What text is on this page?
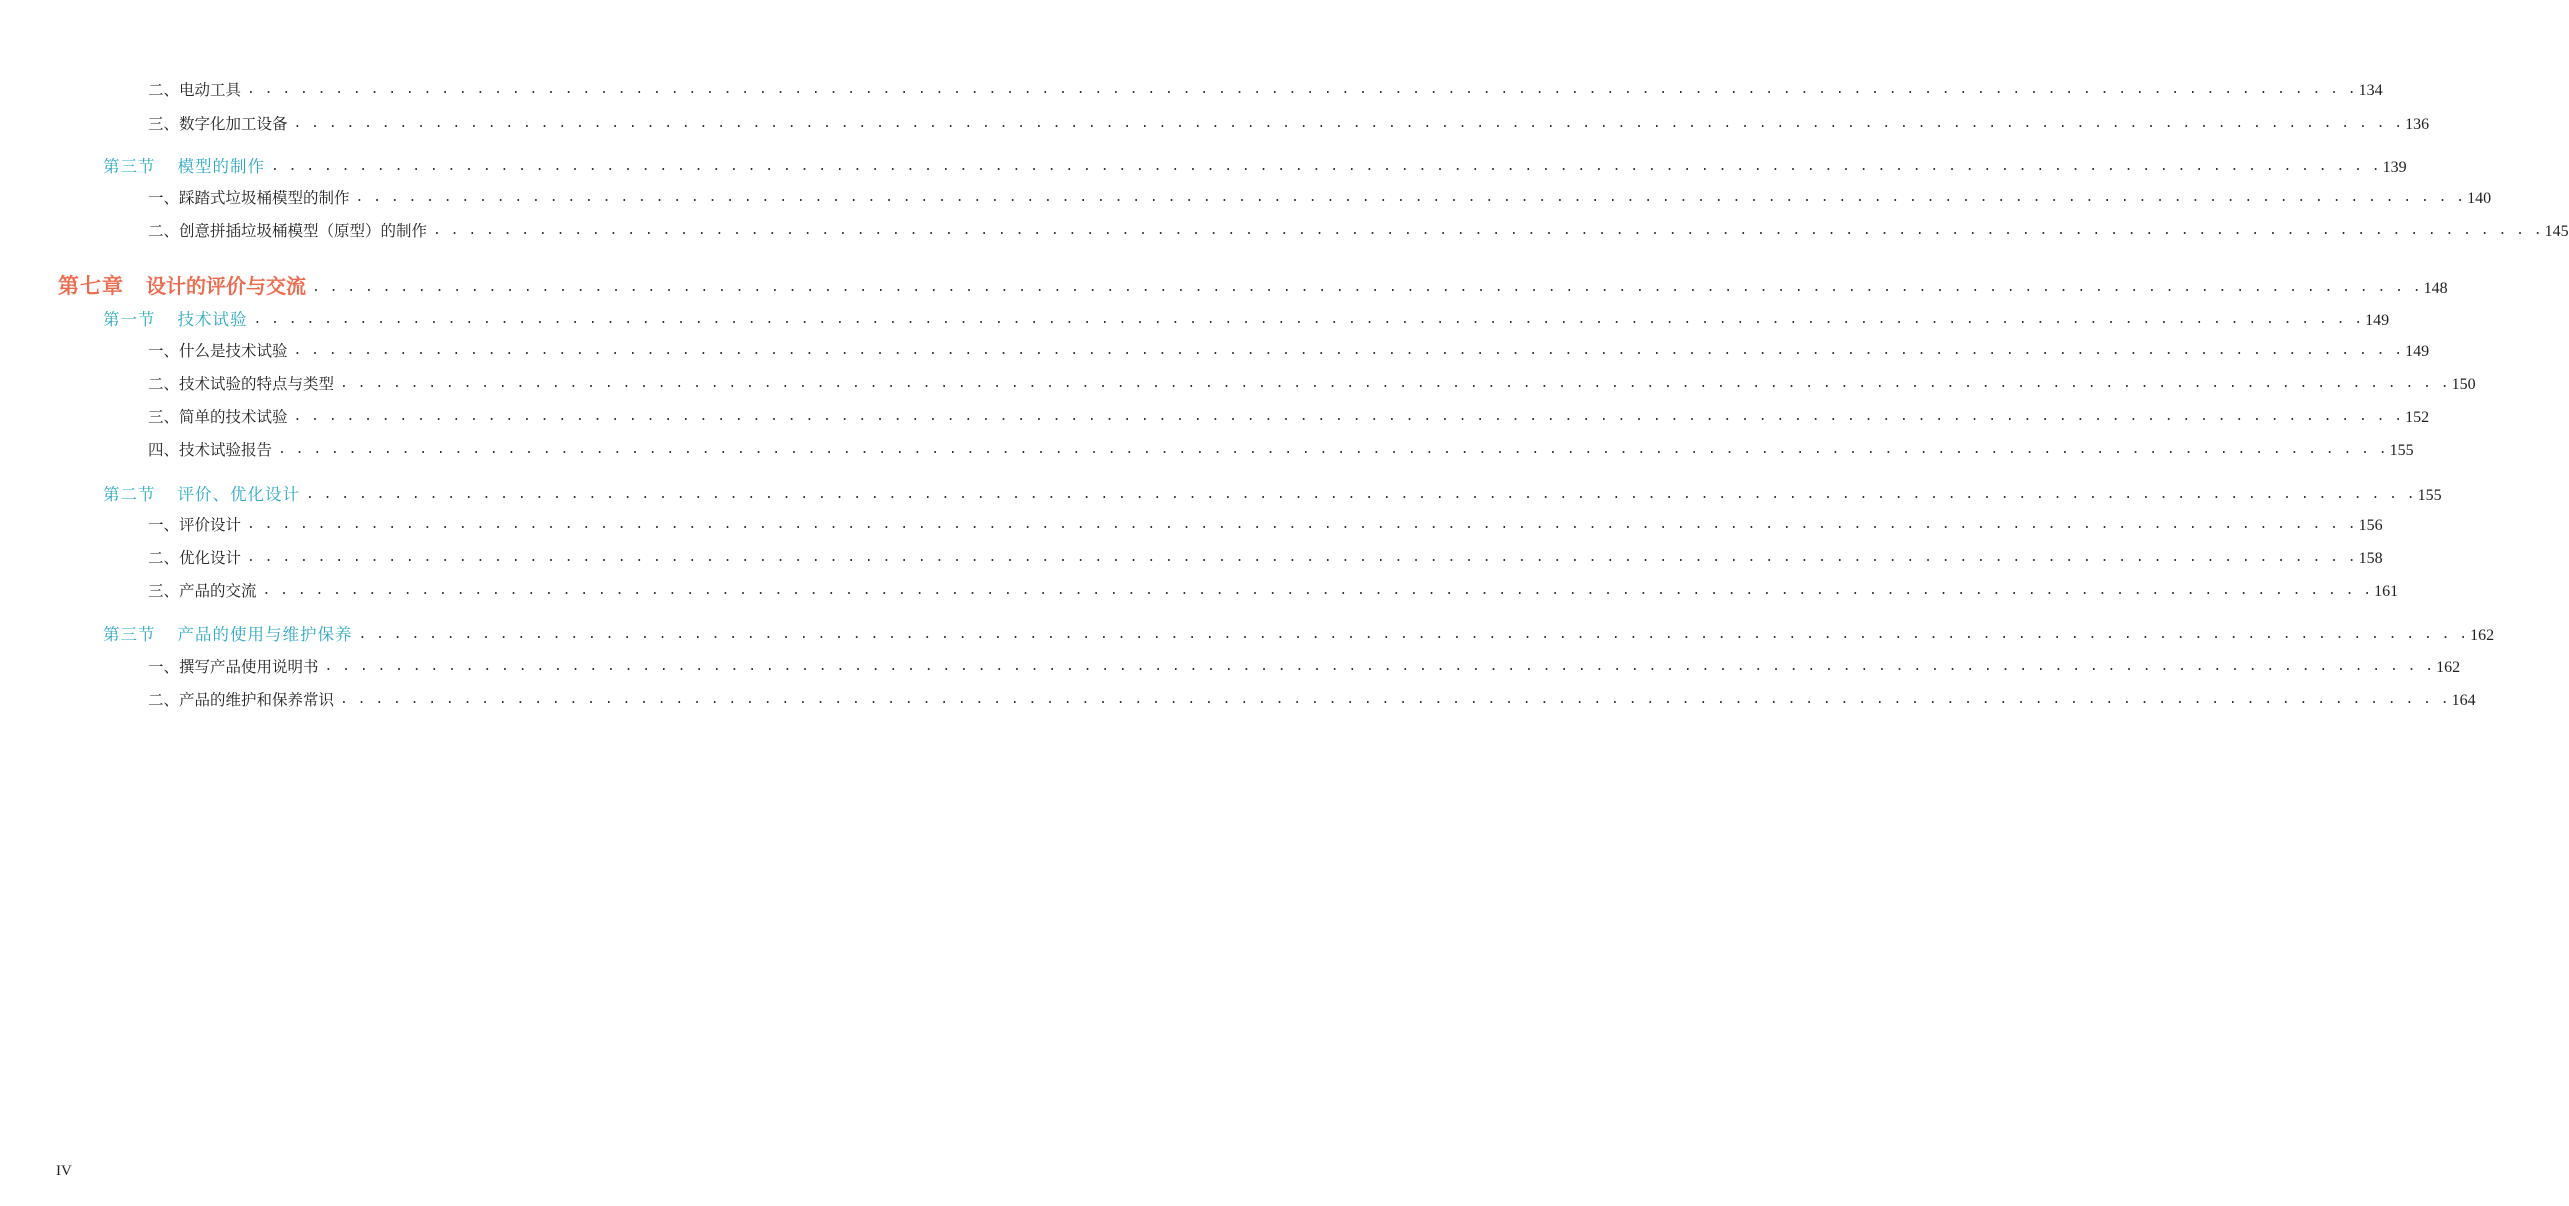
二、电动工具 . . . . . . . . . . . . . . . . . . . . . . . . . . . . . . . . . . . . . . . . . . . . . . . . . . . . . . . . . . . . . . . . . . . . . . . . . . . . . . . . . . . . . . . . . . . . . . . . . . . . . . . . . . . . . . . . . . . . . . . . 134
三、数字化加工设备 . . . . . . . . . . . . . . . . . . . . . . . . . . . . . . . . . . . . . . . . . . . . . . . . . . . . . . . . . . . . . . . . . . . . . . . . . . . . . . . . . . . . . . . . . . . . . . . . . . . . . . . . . . . . . . . . . . . . . . . . 136
第三节 模型的制作 . . . . . . . . . . . . . . . . . . . . . . . . . . . . . . . . . . . . . . . . . . . . . . . . . . . . . . . . . . . . . . . . . . . . . . . . . . . . . . . . . . . . . . . . . . . . . . . . . . . . . . . . . . . . . . . . . . . . . . . . 139
一、踩踏式垃圾桶模型的制作 . . . . . . . . . . . . . . . . . . . . . . . . . . . . . . . . . . . . . . . . . . . . . . . . . . . . . . . . . . . . . . . . . . . . . . . . . . . . . . . . . . . . . . . . . . . . . . . . . . . . . . . . . . . . . . . . . . . . . . . . 140
二、创意拼插垃圾桶模型（原型）的制作 . . . . . . . . . . . . . . . . . . . . . . . . . . . . . . . . . . . . . . . . . . . . . . . . . . . . . . . . . . . . . . . . . . . . . . . . . . . . . . . . . . . . . . . . . . . . . . . . . . . . . . . . . . . . . . . . . . . . . . . . 145
第七章 设计的评价与交流 . . . . . . . . . . . . . . . . . . . . . . . . . . . . . . . . . . . . . . . . . . . . . . . . . . . . . . . . . . . . . . . . . . . . . . . . . . . . . . . . . . . . . . . . . . . . . . . . . . . . . . . . . . . . . . . . . . . . . . . . 148
第一节 技术试验 . . . . . . . . . . . . . . . . . . . . . . . . . . . . . . . . . . . . . . . . . . . . . . . . . . . . . . . . . . . . . . . . . . . . . . . . . . . . . . . . . . . . . . . . . . . . . . . . . . . . . . . . . . . . . . . . . . . . . . . . 149
一、什么是技术试验 . . . . . . . . . . . . . . . . . . . . . . . . . . . . . . . . . . . . . . . . . . . . . . . . . . . . . . . . . . . . . . . . . . . . . . . . . . . . . . . . . . . . . . . . . . . . . . . . . . . . . . . . . . . . . . . . . . . . . . . . 149
二、技术试验的特点与类型 . . . . . . . . . . . . . . . . . . . . . . . . . . . . . . . . . . . . . . . . . . . . . . . . . . . . . . . . . . . . . . . . . . . . . . . . . . . . . . . . . . . . . . . . . . . . . . . . . . . . . . . . . . . . . . . . . . . . . . . . 150
三、简单的技术试验 . . . . . . . . . . . . . . . . . . . . . . . . . . . . . . . . . . . . . . . . . . . . . . . . . . . . . . . . . . . . . . . . . . . . . . . . . . . . . . . . . . . . . . . . . . . . . . . . . . . . . . . . . . . . . . . . . . . . . . . . 152
四、技术试验报告 . . . . . . . . . . . . . . . . . . . . . . . . . . . . . . . . . . . . . . . . . . . . . . . . . . . . . . . . . . . . . . . . . . . . . . . . . . . . . . . . . . . . . . . . . . . . . . . . . . . . . . . . . . . . . . . . . . . . . . . . 155
第二节 评价、优化设计 . . . . . . . . . . . . . . . . . . . . . . . . . . . . . . . . . . . . . . . . . . . . . . . . . . . . . . . . . . . . . . . . . . . . . . . . . . . . . . . . . . . . . . . . . . . . . . . . . . . . . . . . . . . . . . . . . . . . . . . . 155
一、评价设计 . . . . . . . . . . . . . . . . . . . . . . . . . . . . . . . . . . . . . . . . . . . . . . . . . . . . . . . . . . . . . . . . . . . . . . . . . . . . . . . . . . . . . . . . . . . . . . . . . . . . . . . . . . . . . . . . . . . . . . . . 156
二、优化设计 . . . . . . . . . . . . . . . . . . . . . . . . . . . . . . . . . . . . . . . . . . . . . . . . . . . . . . . . . . . . . . . . . . . . . . . . . . . . . . . . . . . . . . . . . . . . . . . . . . . . . . . . . . . . . . . . . . . . . . . . 158
三、产品的交流 . . . . . . . . . . . . . . . . . . . . . . . . . . . . . . . . . . . . . . . . . . . . . . . . . . . . . . . . . . . . . . . . . . . . . . . . . . . . . . . . . . . . . . . . . . . . . . . . . . . . . . . . . . . . . . . . . . . . . . . . 161
第三节 产品的使用与维护保养 . . . . . . . . . . . . . . . . . . . . . . . . . . . . . . . . . . . . . . . . . . . . . . . . . . . . . . . . . . . . . . . . . . . . . . . . . . . . . . . . . . . . . . . . . . . . . . . . . . . . . . . . . . . . . . . . . . . . . . . . 162
一、撰写产品使用说明书 . . . . . . . . . . . . . . . . . . . . . . . . . . . . . . . . . . . . . . . . . . . . . . . . . . . . . . . . . . . . . . . . . . . . . . . . . . . . . . . . . . . . . . . . . . . . . . . . . . . . . . . . . . . . . . . . . . . . . . . . 162
二、产品的维护和保养常识 . . . . . . . . . . . . . . . . . . . . . . . . . . . . . . . . . . . . . . . . . . . . . . . . . . . . . . . . . . . . . . . . . . . . . . . . . . . . . . . . . . . . . . . . . . . . . . . . . . . . . . . . . . . . . . . . . . . . . . . . 164
IV
